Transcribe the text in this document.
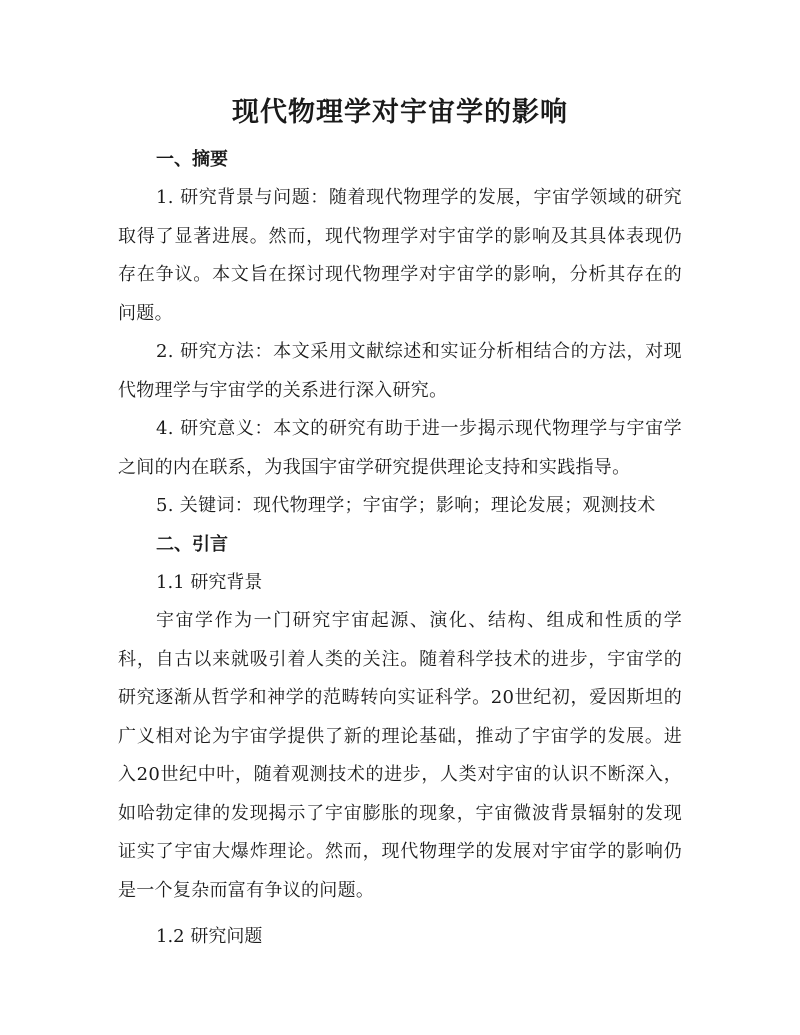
现代物理学对宇宙学的影响
一、摘要

1. 研究背景与问题：随着现代物理学的发展，宇宙学领域的研究取得了显著进展。然而，现代物理学对宇宙学的影响及其具体表现仍存在争议。本文旨在探讨现代物理学对宇宙学的影响，分析其存在的问题。

2. 研究方法：本文采用文献综述和实证分析相结合的方法，对现代物理学与宇宙学的关系进行深入研究。

4. 研究意义：本文的研究有助于进一步揭示现代物理学与宇宙学之间的内在联系，为我国宇宙学研究提供理论支持和实践指导。

5. 关键词：现代物理学；宇宙学；影响；理论发展；观测技术

二、引言
1.1 研究背景

宇宙学作为一门研究宇宙起源、演化、结构、组成和性质的学科，自古以来就吸引着人类的关注。随着科学技术的进步，宇宙学的研究逐渐从哲学和神学的范畴转向实证科学。20世纪初，爱因斯坦的广义相对论为宇宙学提供了新的理论基础，推动了宇宙学的发展。进入20世纪中叶，随着观测技术的进步，人类对宇宙的认识不断深入，如哈勃定律的发现揭示了宇宙膨胀的现象，宇宙微波背景辐射的发现证实了宇宙大爆炸理论。然而，现代物理学的发展对宇宙学的影响仍是一个复杂而富有争议的问题。

1.2 研究问题
